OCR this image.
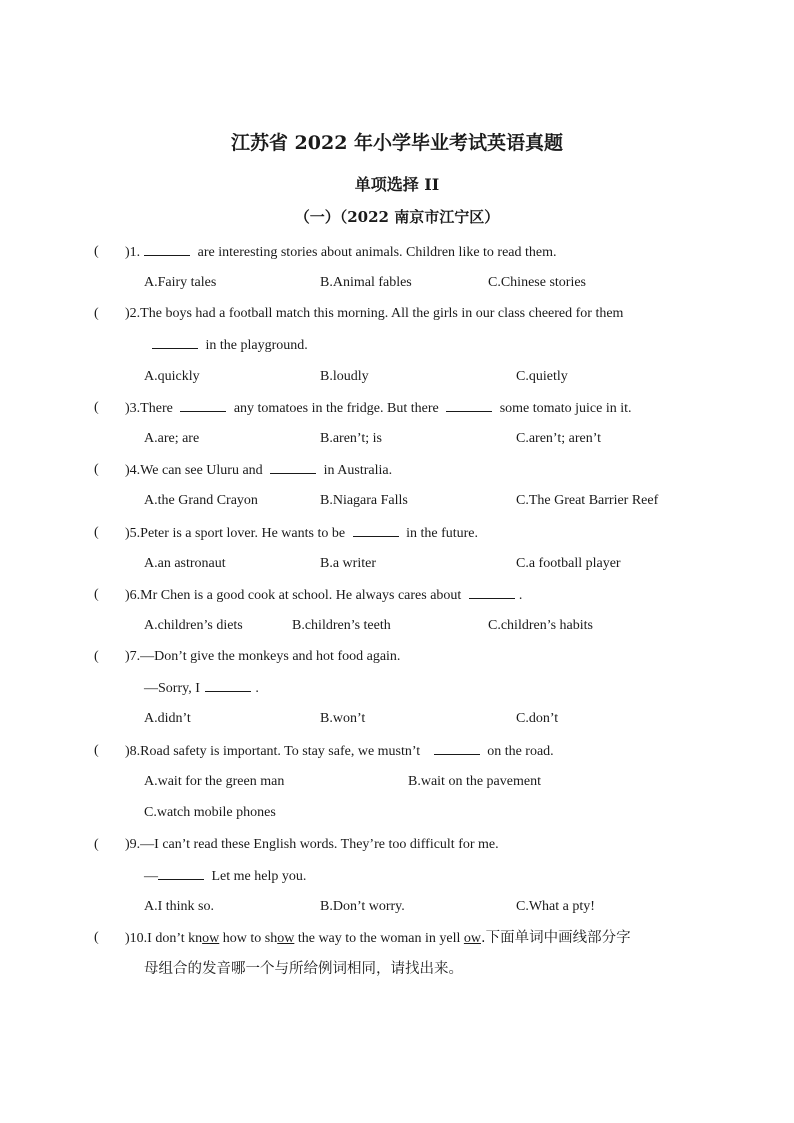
江苏省 2022 年小学毕业考试英语真题
单项选择 II
（一）（2022 南京市江宁区）
( )1.	are interesting stories about animals. Children like to read them.
A.Fairy tales	B.Animal fables	C.Chinese stories
( )2.The boys had a football match this morning. All the girls in our class cheered for them
in the playground.
A.quickly	B.loudly	C.quietly
( )3.There	any tomatoes in the fridge. But there	some tomato juice in it.
A.are; are	B.aren’t; is	C.aren’t; aren’t
( )4.We can see Uluru and	in Australia.
A.the Grand Crayon	B.Niagara Falls	C.The Great Barrier Reef
( )5.Peter is a sport lover. He wants to be	in the future.
A.an astronaut	B.a writer	C.a football player
( )6.Mr Chen is a good cook at school. He always cares about	.
A.children’s diets	B.children’s teeth	C.children’s habits
( )7.—Don’t give the monkeys and hot food again.
—Sorry, I	.
A.didn’t	B.won’t	C.don’t
( )8.Road safety is important. To stay safe, we mustn’t	on the road.
A.wait for the green man	B.wait on the pavement
C.watch mobile phones
( )9.—I can’t read these English words. They’re too difficult for me.
—	Let me help you.
A.I think so.	B.Don’t worry.	C.What a pty!
( )10.I don’t know how to show the way to the woman in yell ow.下面单词中画线部分字
母组合的发音哪一个与所给例词相同，请找出来。
